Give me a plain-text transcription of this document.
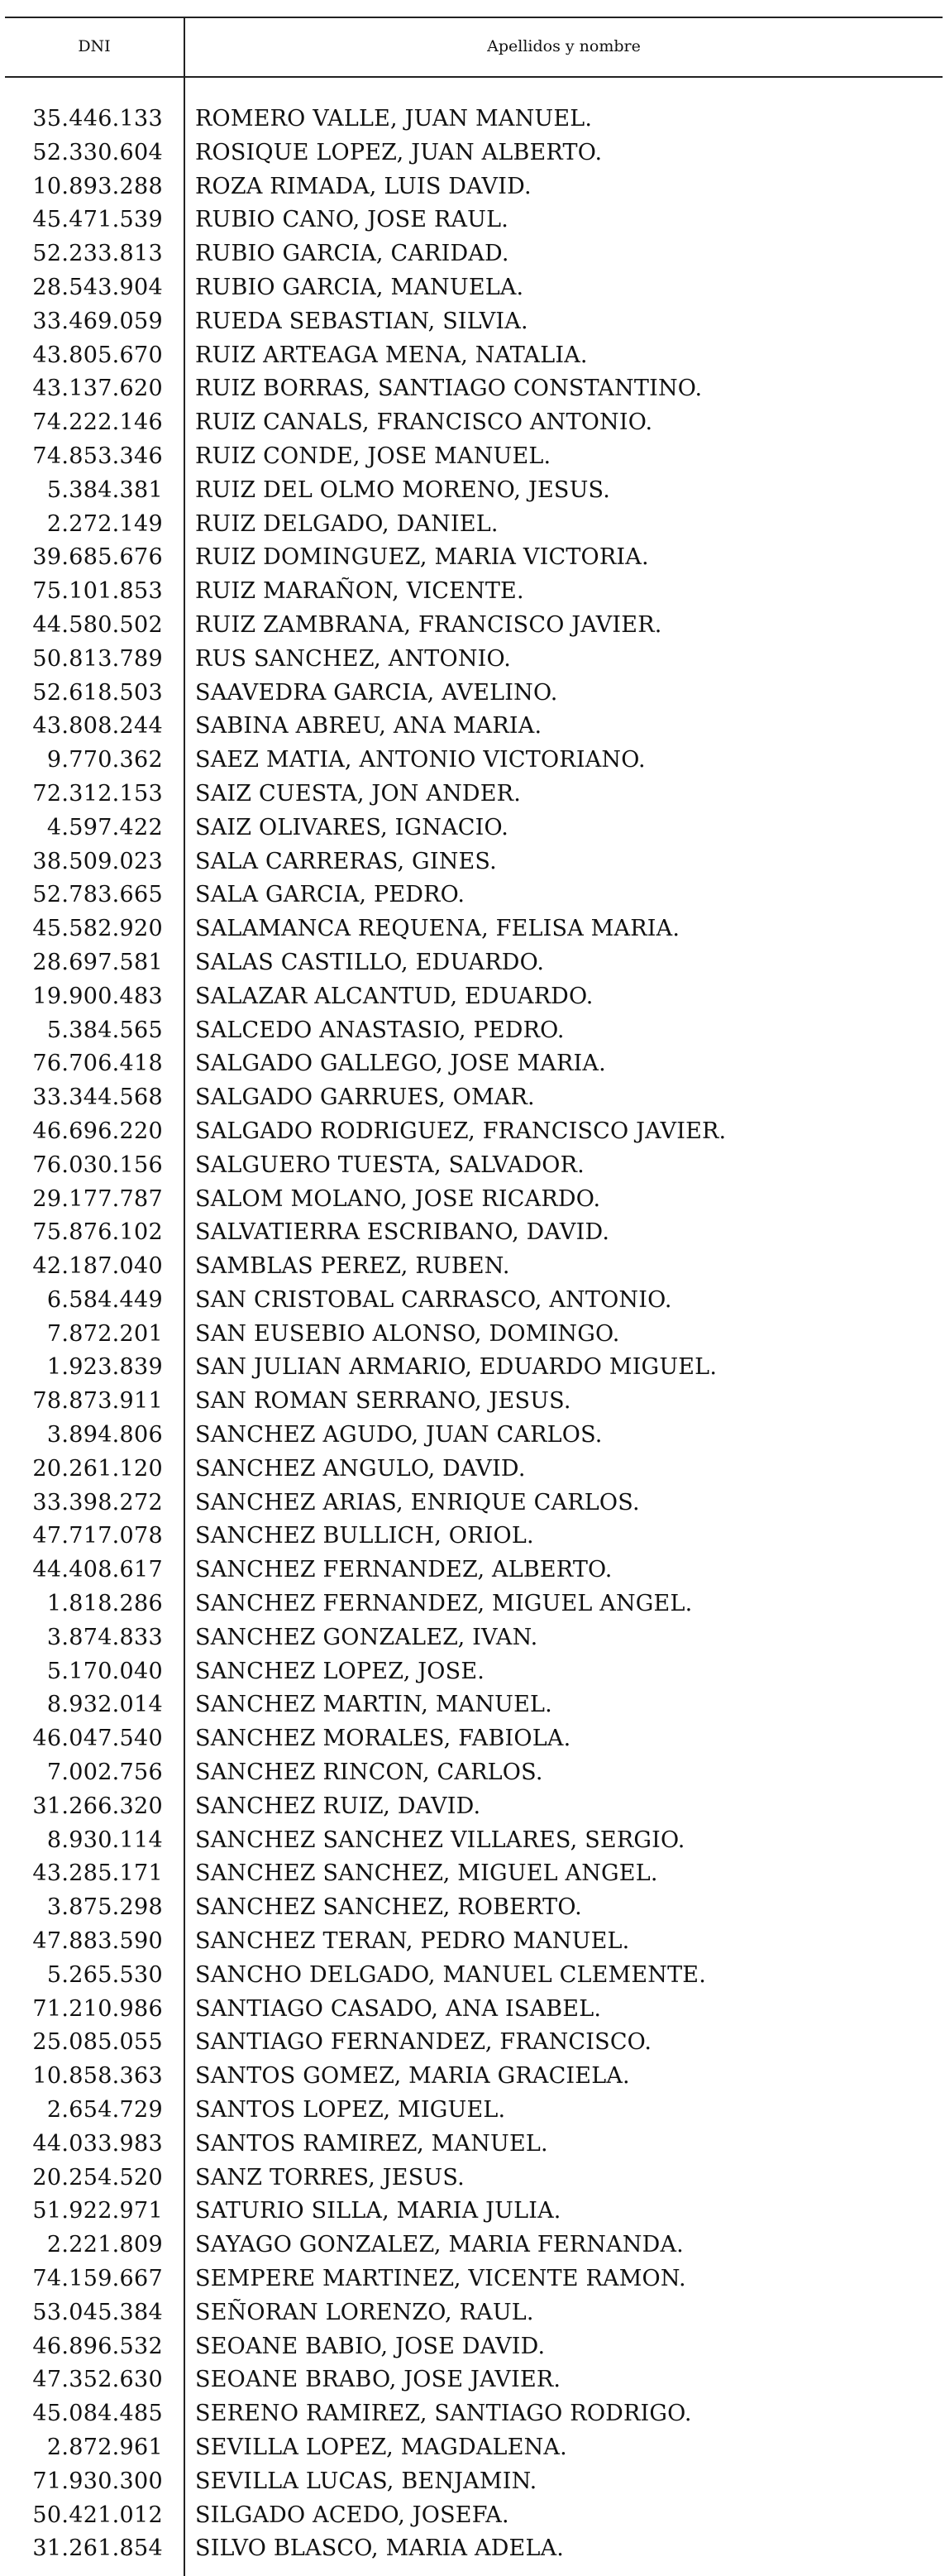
DNI	Apellidos y nombre
35.446.133 ROMERO VALLE, JUAN MANUEL.
52.330.604 ROSIQUE LOPEZ, JUAN ALBERTO.
10.893.288 ROZA RIMADA, LUIS DAVID.
45.471.539 RUBIO CANO, JOSE RAUL.
52.233.813 RUBIO GARCIA, CARIDAD.
28.543.904 RUBIO GARCIA, MANUELA.
33.469.059 RUEDA SEBASTIAN, SILVIA.
43.805.670 RUIZ ARTEAGA MENA, NATALIA.
43.137.620 RUIZ BORRAS, SANTIAGO CONSTANTINO.
74.222.146 RUIZ CANALS, FRANCISCO ANTONIO.
74.853.346 RUIZ CONDE, JOSE MANUEL.
5.384.381 RUIZ DEL OLMO MORENO, JESUS.
2.272.149 RUIZ DELGADO, DANIEL.
39.685.676 RUIZ DOMINGUEZ, MARIA VICTORIA.
75.101.853 RUIZ MARAÑON, VICENTE.
44.580.502 RUIZ ZAMBRANA, FRANCISCO JAVIER.
50.813.789 RUS SANCHEZ, ANTONIO.
52.618.503 SAAVEDRA GARCIA, AVELINO.
43.808.244 SABINA ABREU, ANA MARIA.
9.770.362 SAEZ MATIA, ANTONIO VICTORIANO.
72.312.153 SAIZ CUESTA, JON ANDER.
4.597.422 SAIZ OLIVARES, IGNACIO.
38.509.023 SALA CARRERAS, GINES.
52.783.665 SALA GARCIA, PEDRO.
45.582.920 SALAMANCA REQUENA, FELISA MARIA.
28.697.581 SALAS CASTILLO, EDUARDO.
19.900.483 SALAZAR ALCANTUD, EDUARDO.
5.384.565 SALCEDO ANASTASIO, PEDRO.
76.706.418 SALGADO GALLEGO, JOSE MARIA.
33.344.568 SALGADO GARRUES, OMAR.
46.696.220 SALGADO RODRIGUEZ, FRANCISCO JAVIER.
76.030.156 SALGUERO TUESTA, SALVADOR.
29.177.787 SALOM MOLANO, JOSE RICARDO.
75.876.102 SALVATIERRA ESCRIBANO, DAVID.
42.187.040 SAMBLAS PEREZ, RUBEN.
6.584.449 SAN CRISTOBAL CARRASCO, ANTONIO.
7.872.201 SAN EUSEBIO ALONSO, DOMINGO.
1.923.839 SAN JULIAN ARMARIO, EDUARDO MIGUEL.
78.873.911 SAN ROMAN SERRANO, JESUS.
3.894.806 SANCHEZ AGUDO, JUAN CARLOS.
20.261.120 SANCHEZ ANGULO, DAVID.
33.398.272 SANCHEZ ARIAS, ENRIQUE CARLOS.
47.717.078 SANCHEZ BULLICH, ORIOL.
44.408.617 SANCHEZ FERNANDEZ, ALBERTO.
1.818.286 SANCHEZ FERNANDEZ, MIGUEL ANGEL.
3.874.833 SANCHEZ GONZALEZ, IVAN.
5.170.040 SANCHEZ LOPEZ, JOSE.
8.932.014 SANCHEZ MARTIN, MANUEL.
46.047.540 SANCHEZ MORALES, FABIOLA.
7.002.756 SANCHEZ RINCON, CARLOS.
31.266.320 SANCHEZ RUIZ, DAVID.
8.930.114 SANCHEZ SANCHEZ VILLARES, SERGIO.
43.285.171 SANCHEZ SANCHEZ, MIGUEL ANGEL.
3.875.298 SANCHEZ SANCHEZ, ROBERTO.
47.883.590 SANCHEZ TERAN, PEDRO MANUEL.
5.265.530 SANCHO DELGADO, MANUEL CLEMENTE.
71.210.986 SANTIAGO CASADO, ANA ISABEL.
25.085.055 SANTIAGO FERNANDEZ, FRANCISCO.
10.858.363 SANTOS GOMEZ, MARIA GRACIELA.
2.654.729 SANTOS LOPEZ, MIGUEL.
44.033.983 SANTOS RAMIREZ, MANUEL.
20.254.520 SANZ TORRES, JESUS.
51.922.971 SATURIO SILLA, MARIA JULIA.
2.221.809 SAYAGO GONZALEZ, MARIA FERNANDA.
74.159.667 SEMPERE MARTINEZ, VICENTE RAMON.
53.045.384 SEÑORAN LORENZO, RAUL.
46.896.532 SEOANE BABIO, JOSE DAVID.
47.352.630 SEOANE BRABO, JOSE JAVIER.
45.084.485 SERENO RAMIREZ, SANTIAGO RODRIGO.
2.872.961 SEVILLA LOPEZ, MAGDALENA.
71.930.300 SEVILLA LUCAS, BENJAMIN.
50.421.012 SILGADO ACEDO, JOSEFA.
31.261.854 SILVO BLASCO, MARIA ADELA.
